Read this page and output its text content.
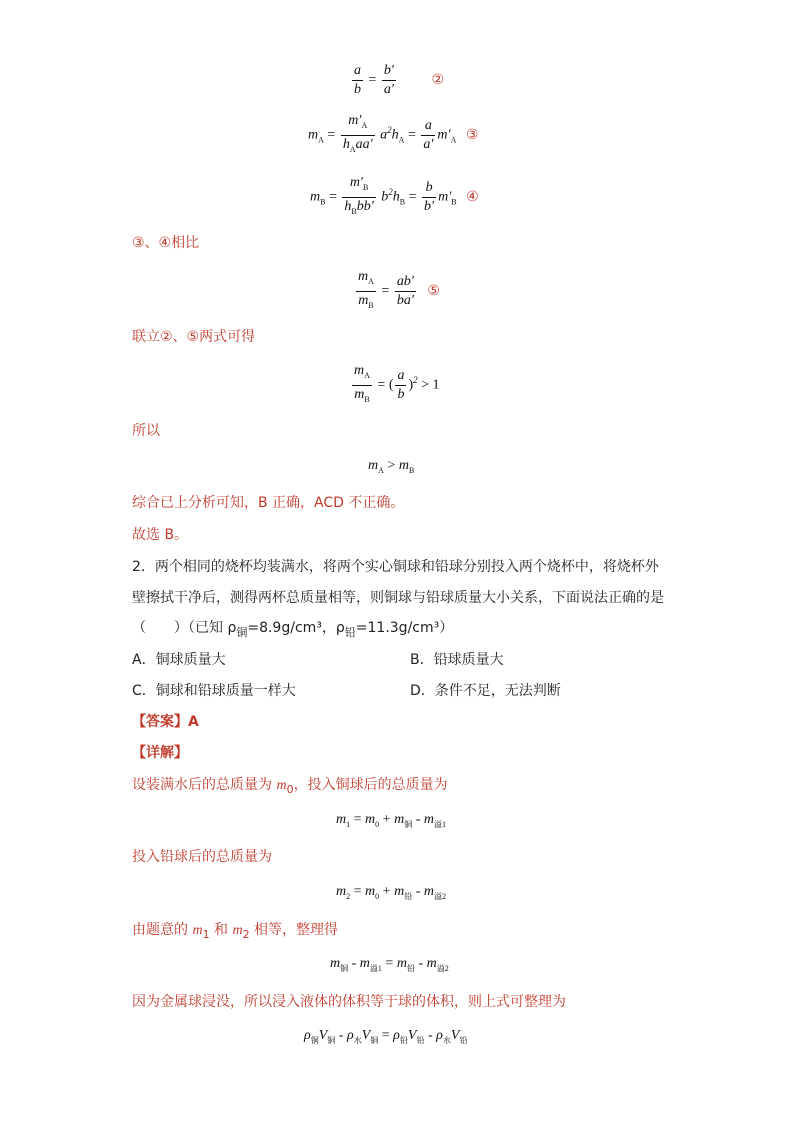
$\frac{a}{b} = \frac{b'}{a'}$	②
$m_A = \frac{m'_A}{h_Aaa'} a^2h_A = \frac{a}{a'} m'_A$ ③
$m_B = \frac{m'_B}{h_Bbb'} b^2h_B = \frac{b}{b'} m'_B$ ④
③、④相比
$\frac{m_A}{m_B} = \frac{ab'}{ba'}$ ⑤
联立②、⑤两式可得
$\frac{m_A}{m_B}$ = ( $\frac{a}{b} )^2 > 1$
所以
$m_A > m_B$
综合已上分析可知，B 正确，ACD 不正确。
故选 B。
2．两个相同的烧杯均装满水，将两个实心铜球和铅球分别投入两个烧杯中，将烧杯外
壁擦拭干净后，测得两杯总质量相等，则铜球与铅球质量大小关系，下面说法正确的是
（　　）（已知 $\rho_铜=8.9g$/cm³，$\rho_铅=11.3g/cm^3$）
A．铜球质量大	B．铅球质量大
C．铜球和铅球质量一样大	D．条件不足，无法判断
【答案】A
【详解】
设装满水后的总质量为 $m_0$，投入铜球后的总质量为
$m_1 = m_0 + m_铜 - m_{溢1}$
投入铅球后的总质量为
$m_2 = m_0 + m_铅 - m_{溢2}$
由题意的 $m_1$ 和 $m_2$ 相等，整理得
$m_铜 - m_{溢1} = m_铅 - m_{溢2}$
因为金属球浸没，所以浸入液体的体积等于球的体积，则上式可整理为
$\rho_铜V_铜 - \rho_水V_铜 = \rho_铅V_铅 - \rho_水V_铅$
